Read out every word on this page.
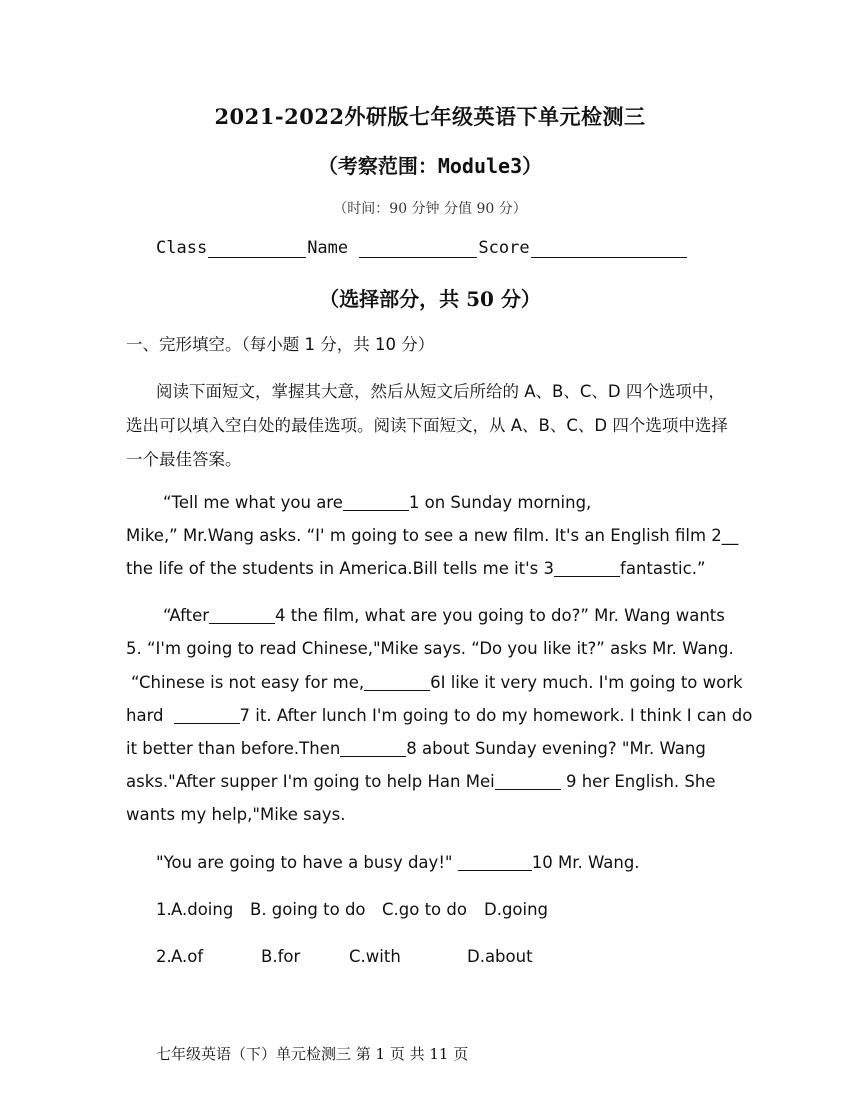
2021-2022外研版七年级英语下单元检测三
（考察范围：Module3）
（时间：90 分钟 分值 90 分）
Class	Name	Score
（选择部分，共 50 分）
一、完形填空。（每小题 1 分，共 10 分）
阅读下面短文，掌握其大意，然后从短文后所给的 A、B、C、D 四个选项中，
选出可以填入空白处的最佳选项。阅读下面短文，从 A、B、C、D 四个选项中选择
一个最佳答案。
“Tell me what you are	1 on Sunday morning,
Mike,” Mr.Wang asks. “I' m going to see a new film. It's an English film 2__
the life of the students in America.Bill tells me it's 3	fantastic.”
“After	4 the film, what are you going to do?” Mr. Wang wants
5. “I'm going to read Chinese,"Mike says. “Do you like it?” asks Mr. Wang.
“Chinese is not easy for me,	6I like it very much. I'm going to work
hard	7 it. After lunch I'm going to do my homework. I think I can do
it better than before.Then	8 about Sunday evening? "Mr. Wang
asks."After supper I'm going to help Han Mei	9 her English. She
wants my help,"Mike says.
"You are going to have a busy day!"	10 Mr. Wang.
1. A.doing B. going to do C.go to do D.going
2. A.of	B.for	C.with	D.about
七年级英语（下）单元检测三 第 1 页 共 11 页
